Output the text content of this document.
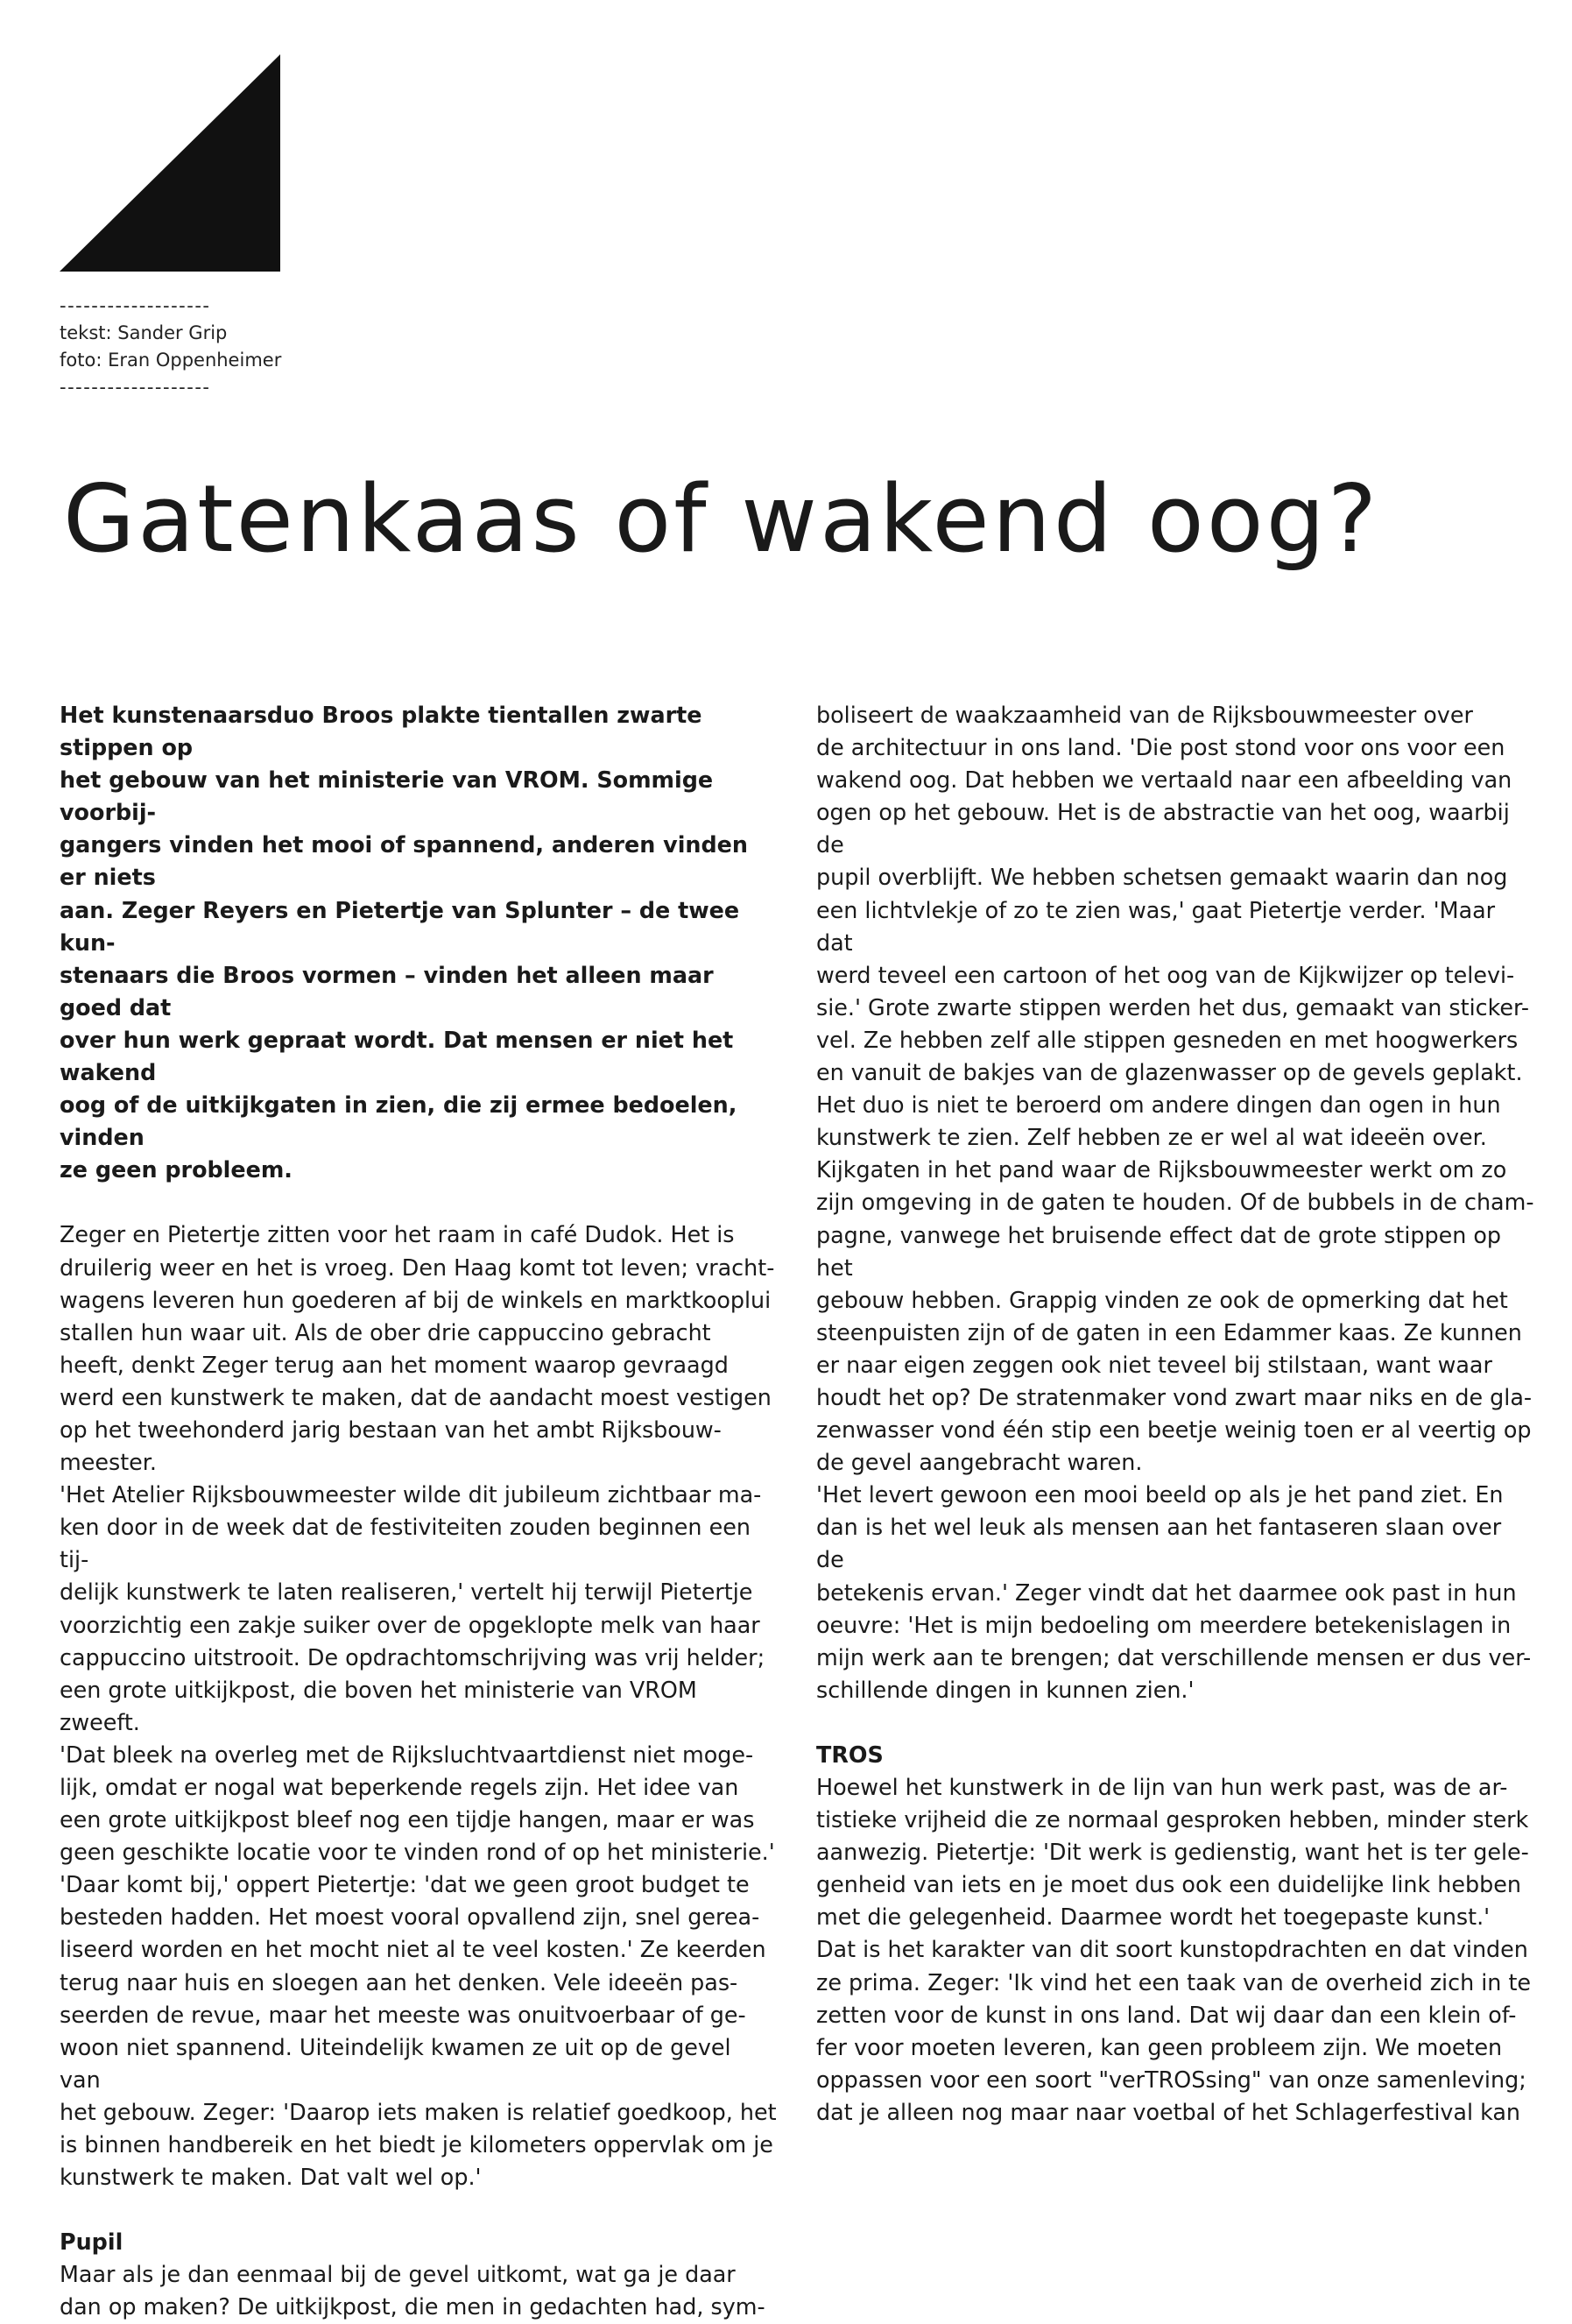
-------------------
tekst: Sander Grip
foto: Eran Oppenheimer
-------------------
Gatenkaas of wakend oog?

Het kunstenaarsduo Broos plakte tientallen zwarte stippen op
het gebouw van het ministerie van VROM. Sommige voorbij-
gangers vinden het mooi of spannend, anderen vinden er niets
aan. Zeger Reyers en Pietertje van Splunter – de twee kun-
stenaars die Broos vormen – vinden het alleen maar goed dat
over hun werk gepraat wordt. Dat mensen er niet het wakend
oog of de uitkijkgaten in zien, die zij ermee bedoelen, vinden
ze geen probleem.

Zeger en Pietertje zitten voor het raam in café Dudok. Het is
druilerig weer en het is vroeg. Den Haag komt tot leven; vracht-
wagens leveren hun goederen af bij de winkels en marktkooplui
stallen hun waar uit. Als de ober drie cappuccino gebracht
heeft, denkt Zeger terug aan het moment waarop gevraagd
werd een kunstwerk te maken, dat de aandacht moest vestigen
op het tweehonderd jarig bestaan van het ambt Rijksbouw-
meester.
'Het Atelier Rijksbouwmeester wilde dit jubileum zichtbaar ma-
ken door in de week dat de festiviteiten zouden beginnen een tij-
delijk kunstwerk te laten realiseren,' vertelt hij terwijl Pietertje
voorzichtig een zakje suiker over de opgeklopte melk van haar
cappuccino uitstrooit. De opdrachtomschrijving was vrij helder;
een grote uitkijkpost, die boven het ministerie van VROM zweeft.
'Dat bleek na overleg met de Rijksluchtvaartdienst niet moge-
lijk, omdat er nogal wat beperkende regels zijn. Het idee van
een grote uitkijkpost bleef nog een tijdje hangen, maar er was
geen geschikte locatie voor te vinden rond of op het ministerie.'
'Daar komt bij,' oppert Pietertje: 'dat we geen groot budget te
besteden hadden. Het moest vooral opvallend zijn, snel gerea-
liseerd worden en het mocht niet al te veel kosten.' Ze keerden
terug naar huis en sloegen aan het denken. Vele ideeën pas-
seerden de revue, maar het meeste was onuitvoerbaar of ge-
woon niet spannend. Uiteindelijk kwamen ze uit op de gevel van
het gebouw. Zeger: 'Daarop iets maken is relatief goedkoop, het
is binnen handbereik en het biedt je kilometers oppervlak om je
kunstwerk te maken. Dat valt wel op.'

Pupil

Maar als je dan eenmaal bij de gevel uitkomt, wat ga je daar
dan op maken? De uitkijkpost, die men in gedachten had, sym-

boliseert de waakzaamheid van de Rijksbouwmeester over
de architectuur in ons land. 'Die post stond voor ons voor een
wakend oog. Dat hebben we vertaald naar een afbeelding van
ogen op het gebouw. Het is de abstractie van het oog, waarbij de
pupil overblijft. We hebben schetsen gemaakt waarin dan nog
een lichtvlekje of zo te zien was,' gaat Pietertje verder. 'Maar dat
werd teveel een cartoon of het oog van de Kijkwijzer op televi-
sie.' Grote zwarte stippen werden het dus, gemaakt van sticker-
vel. Ze hebben zelf alle stippen gesneden en met hoogwerkers
en vanuit de bakjes van de glazenwasser op de gevels geplakt.
Het duo is niet te beroerd om andere dingen dan ogen in hun
kunstwerk te zien. Zelf hebben ze er wel al wat ideeën over.
Kijkgaten in het pand waar de Rijksbouwmeester werkt om zo
zijn omgeving in de gaten te houden. Of de bubbels in de cham-
pagne, vanwege het bruisende effect dat de grote stippen op het
gebouw hebben. Grappig vinden ze ook de opmerking dat het
steenpuisten zijn of de gaten in een Edammer kaas. Ze kunnen
er naar eigen zeggen ook niet teveel bij stilstaan, want waar
houdt het op? De stratenmaker vond zwart maar niks en de gla-
zenwasser vond één stip een beetje weinig toen er al veertig op
de gevel aangebracht waren.
'Het levert gewoon een mooi beeld op als je het pand ziet. En
dan is het wel leuk als mensen aan het fantaseren slaan over de
betekenis ervan.' Zeger vindt dat het daarmee ook past in hun
oeuvre: 'Het is mijn bedoeling om meerdere betekenislagen in
mijn werk aan te brengen; dat verschillende mensen er dus ver-
schillende dingen in kunnen zien.'

TROS

Hoewel het kunstwerk in de lijn van hun werk past, was de ar-
tistieke vrijheid die ze normaal gesproken hebben, minder sterk
aanwezig. Pietertje: 'Dit werk is gedienstig, want het is ter gele-
genheid van iets en je moet dus ook een duidelijke link hebben
met die gelegenheid. Daarmee wordt het toegepaste kunst.'
Dat is het karakter van dit soort kunstopdrachten en dat vinden
ze prima. Zeger: 'Ik vind het een taak van de overheid zich in te
zetten voor de kunst in ons land. Dat wij daar dan een klein of-
fer voor moeten leveren, kan geen probleem zijn. We moeten
oppassen voor een soort "verTROSsing" van onze samenleving;
dat je alleen nog maar naar voetbal of het Schlagerfestival kan
